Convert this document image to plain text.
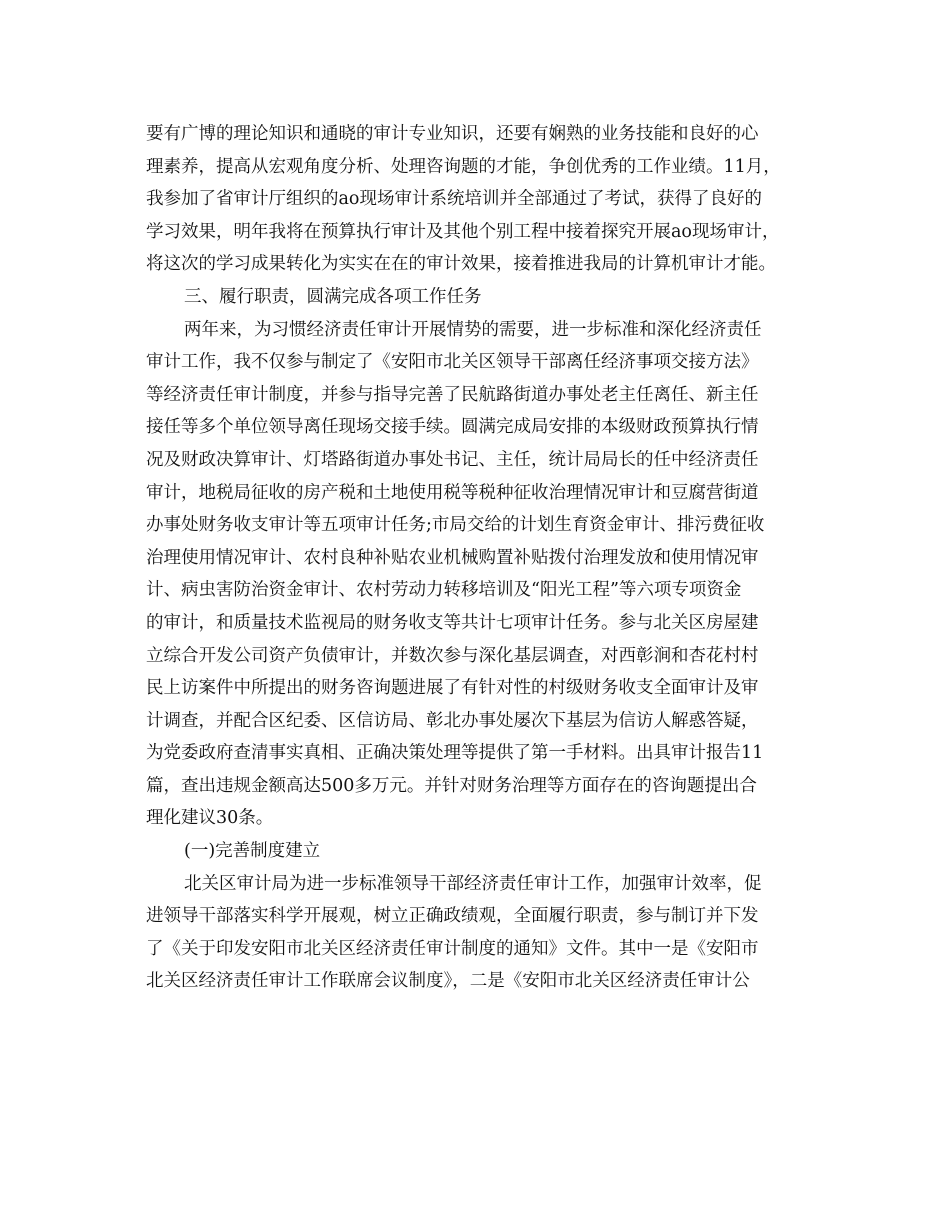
要有广博的理论知识和通晓的审计专业知识，还要有娴熟的业务技能和良好的心
理素养，提高从宏观角度分析、处理咨询题的才能，争创优秀的工作业绩。11月，
我参加了省审计厅组织的ao现场审计系统培训并全部通过了考试，获得了良好的
学习效果，明年我将在预算执行审计及其他个别工程中接着探究开展ao现场审计，
将这次的学习成果转化为实实在在的审计效果，接着推进我局的计算机审计才能。
三、履行职责，圆满完成各项工作任务
两年来，为习惯经济责任审计开展情势的需要，进一步标准和深化经济责任
审计工作，我不仅参与制定了《安阳市北关区领导干部离任经济事项交接方法》
等经济责任审计制度，并参与指导完善了民航路街道办事处老主任离任、新主任
接任等多个单位领导离任现场交接手续。圆满完成局安排的本级财政预算执行情
况及财政决算审计、灯塔路街道办事处书记、主任，统计局局长的任中经济责任
审计，地税局征收的房产税和土地使用税等税种征收治理情况审计和豆腐营街道
办事处财务收支审计等五项审计任务;市局交给的计划生育资金审计、排污费征收
治理使用情况审计、农村良种补贴农业机械购置补贴拨付治理发放和使用情况审
计、病虫害防治资金审计、农村劳动力转移培训及“阳光工程”等六项专项资金
的审计，和质量技术监视局的财务收支等共计七项审计任务。参与北关区房屋建
立综合开发公司资产负债审计，并数次参与深化基层调查，对西彰涧和杏花村村
民上访案件中所提出的财务咨询题进展了有针对性的村级财务收支全面审计及审
计调查，并配合区纪委、区信访局、彰北办事处屡次下基层为信访人解惑答疑，
为党委政府查清事实真相、正确决策处理等提供了第一手材料。出具审计报告11
篇，查出违规金额高达500多万元。并针对财务治理等方面存在的咨询题提出合
理化建议30条。
(一)完善制度建立
北关区审计局为进一步标准领导干部经济责任审计工作，加强审计效率，促
进领导干部落实科学开展观，树立正确政绩观，全面履行职责，参与制订并下发
了《关于印发安阳市北关区经济责任审计制度的通知》文件。其中一是《安阳市
北关区经济责任审计工作联席会议制度》，二是《安阳市北关区经济责任审计公
